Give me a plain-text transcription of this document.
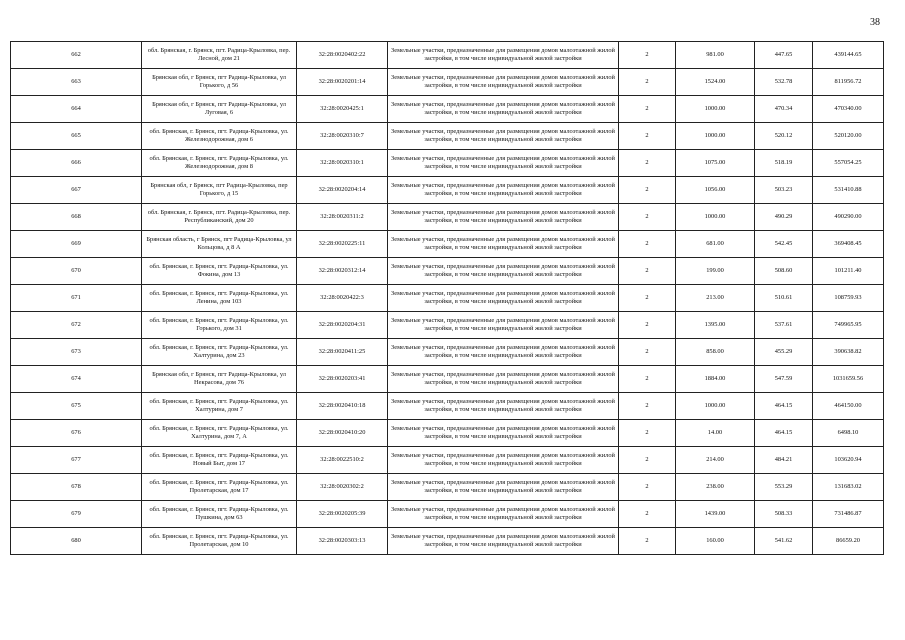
38
662	обл. Брянская, г. Брянск, пгт. Радица-Крыловка, пер. Лесной, дом 21	32:28:0020402:22	Земельные участки, предназначенные для размещения домов малоэтажной жилой застройки, в том числе индивидуальной жилой застройки	2	981.00	447.65	439144.65
663	Брянская обл, г Брянск, пгт Радица-Крыловка, ул Горького, д 56	32:28:0020201:14	Земельные участки, предназначенные для размещения домов малоэтажной жилой застройки, в том числе индивидуальной жилой застройки	2	1524.00	532.78	811956.72
664	Брянская обл, г Брянск, пгт Радица-Крыловка, ул Луговая, 6	32:28:0020425:1	Земельные участки, предназначенные для размещения домов малоэтажной жилой застройки, в том числе индивидуальной жилой застройки	2	1000.00	470.34	470340.00
665	обл. Брянская, г. Брянск, пгт. Радица-Крыловка, ул. Железнодорожная, дом 6	32:28:0020310:7	Земельные участки, предназначенные для размещения домов малоэтажной жилой застройки, в том числе индивидуальной жилой застройки	2	1000.00	520.12	520120.00
666	обл. Брянская, г. Брянск, пгт. Радица-Крыловка, ул. Железнодорожная, дом 8	32:28:0020310:1	Земельные участки, предназначенные для размещения домов малоэтажной жилой застройки, в том числе индивидуальной жилой застройки	2	1075.00	518.19	557054.25
667	Брянская обл, г Брянск, пгт Радица-Крыловка, пер Горького, д 15	32:28:0020204:14	Земельные участки, предназначенные для размещения домов малоэтажной жилой застройки, в том числе индивидуальной жилой застройки	2	1056.00	503.23	531410.88
668	обл. Брянская, г. Брянск, пгт. Радица-Крыловка, пер. Республиканский, дом 20	32:28:0020311:2	Земельные участки, предназначенные для размещения домов малоэтажной жилой застройки, в том числе индивидуальной жилой застройки	2	1000.00	490.29	490290.00
669	Брянская область, г Брянск, пгт Радица-Крыловка, ул Кольцова, д 8 А	32:28:0020225:11	Земельные участки, предназначенные для размещения домов малоэтажной жилой застройки, в том числе индивидуальной жилой застройки	2	681.00	542.45	369408.45
670	обл. Брянская, г. Брянск, пгт. Радица-Крыловка, ул. Фокина, дом 13	32:28:0020312:14	Земельные участки, предназначенные для размещения домов малоэтажной жилой застройки, в том числе индивидуальной жилой застройки	2	199.00	508.60	101211.40
671	обл. Брянская, г. Брянск, пгт. Радица-Крыловка, ул. Ленина, дом 103	32:28:0020422:3	Земельные участки, предназначенные для размещения домов малоэтажной жилой застройки, в том числе индивидуальной жилой застройки	2	213.00	510.61	108759.93
672	обл. Брянская, г. Брянск, пгт. Радица-Крыловка, ул. Горького, дом 31	32:28:0020204:31	Земельные участки, предназначенные для размещения домов малоэтажной жилой застройки, в том числе индивидуальной жилой застройки	2	1395.00	537.61	749965.95
673	обл. Брянская, г. Брянск, пгт. Радица-Крыловка, ул. Халтурина, дом 23	32:28:0020411:25	Земельные участки, предназначенные для размещения домов малоэтажной жилой застройки, в том числе индивидуальной жилой застройки	2	858.00	455.29	390638.82
674	Брянская обл, г Брянск, пгт Радица-Крыловка, ул Некрасова, дом 76	32:28:0020203:41	Земельные участки, предназначенные для размещения домов малоэтажной жилой застройки, в том числе индивидуальной жилой застройки	2	1884.00	547.59	1031659.56
675	обл. Брянская, г. Брянск, пгт. Радица-Крыловка, ул. Халтурина, дом 7	32:28:0020410:18	Земельные участки, предназначенные для размещения домов малоэтажной жилой застройки, в том числе индивидуальной жилой застройки	2	1000.00	464.15	464150.00
676	обл. Брянская, г. Брянск, пгт. Радица-Крыловка, ул. Халтурина, дом 7, А	32:28:0020410:20	Земельные участки, предназначенные для размещения домов малоэтажной жилой застройки, в том числе индивидуальной жилой застройки	2	14.00	464.15	6498.10
677	обл. Брянская, г. Брянск, пгт. Радица-Крыловка, ул. Новый Быт, дом 17	32:28:0022510:2	Земельные участки, предназначенные для размещения домов малоэтажной жилой застройки, в том числе индивидуальной жилой застройки	2	214.00	484.21	103620.94
678	обл. Брянская, г. Брянск, пгт. Радица-Крыловка, ул. Пролетарская, дом 17	32:28:0020302:2	Земельные участки, предназначенные для размещения домов малоэтажной жилой застройки, в том числе индивидуальной жилой застройки	2	238.00	553.29	131683.02
679	обл. Брянская, г. Брянск, пгт. Радица-Крыловка, ул. Пушкина, дом 63	32:28:0020205:39	Земельные участки, предназначенные для размещения домов малоэтажной жилой застройки, в том числе индивидуальной жилой застройки	2	1439.00	508.33	731486.87
680	обл. Брянская, г. Брянск, пгт. Радица-Крыловка, ул. Пролетарская, дом 10	32:28:0020303:13	Земельные участки, предназначенные для размещения домов малоэтажной жилой застройки, в том числе индивидуальной жилой застройки	2	160.00	541.62	86659.20
